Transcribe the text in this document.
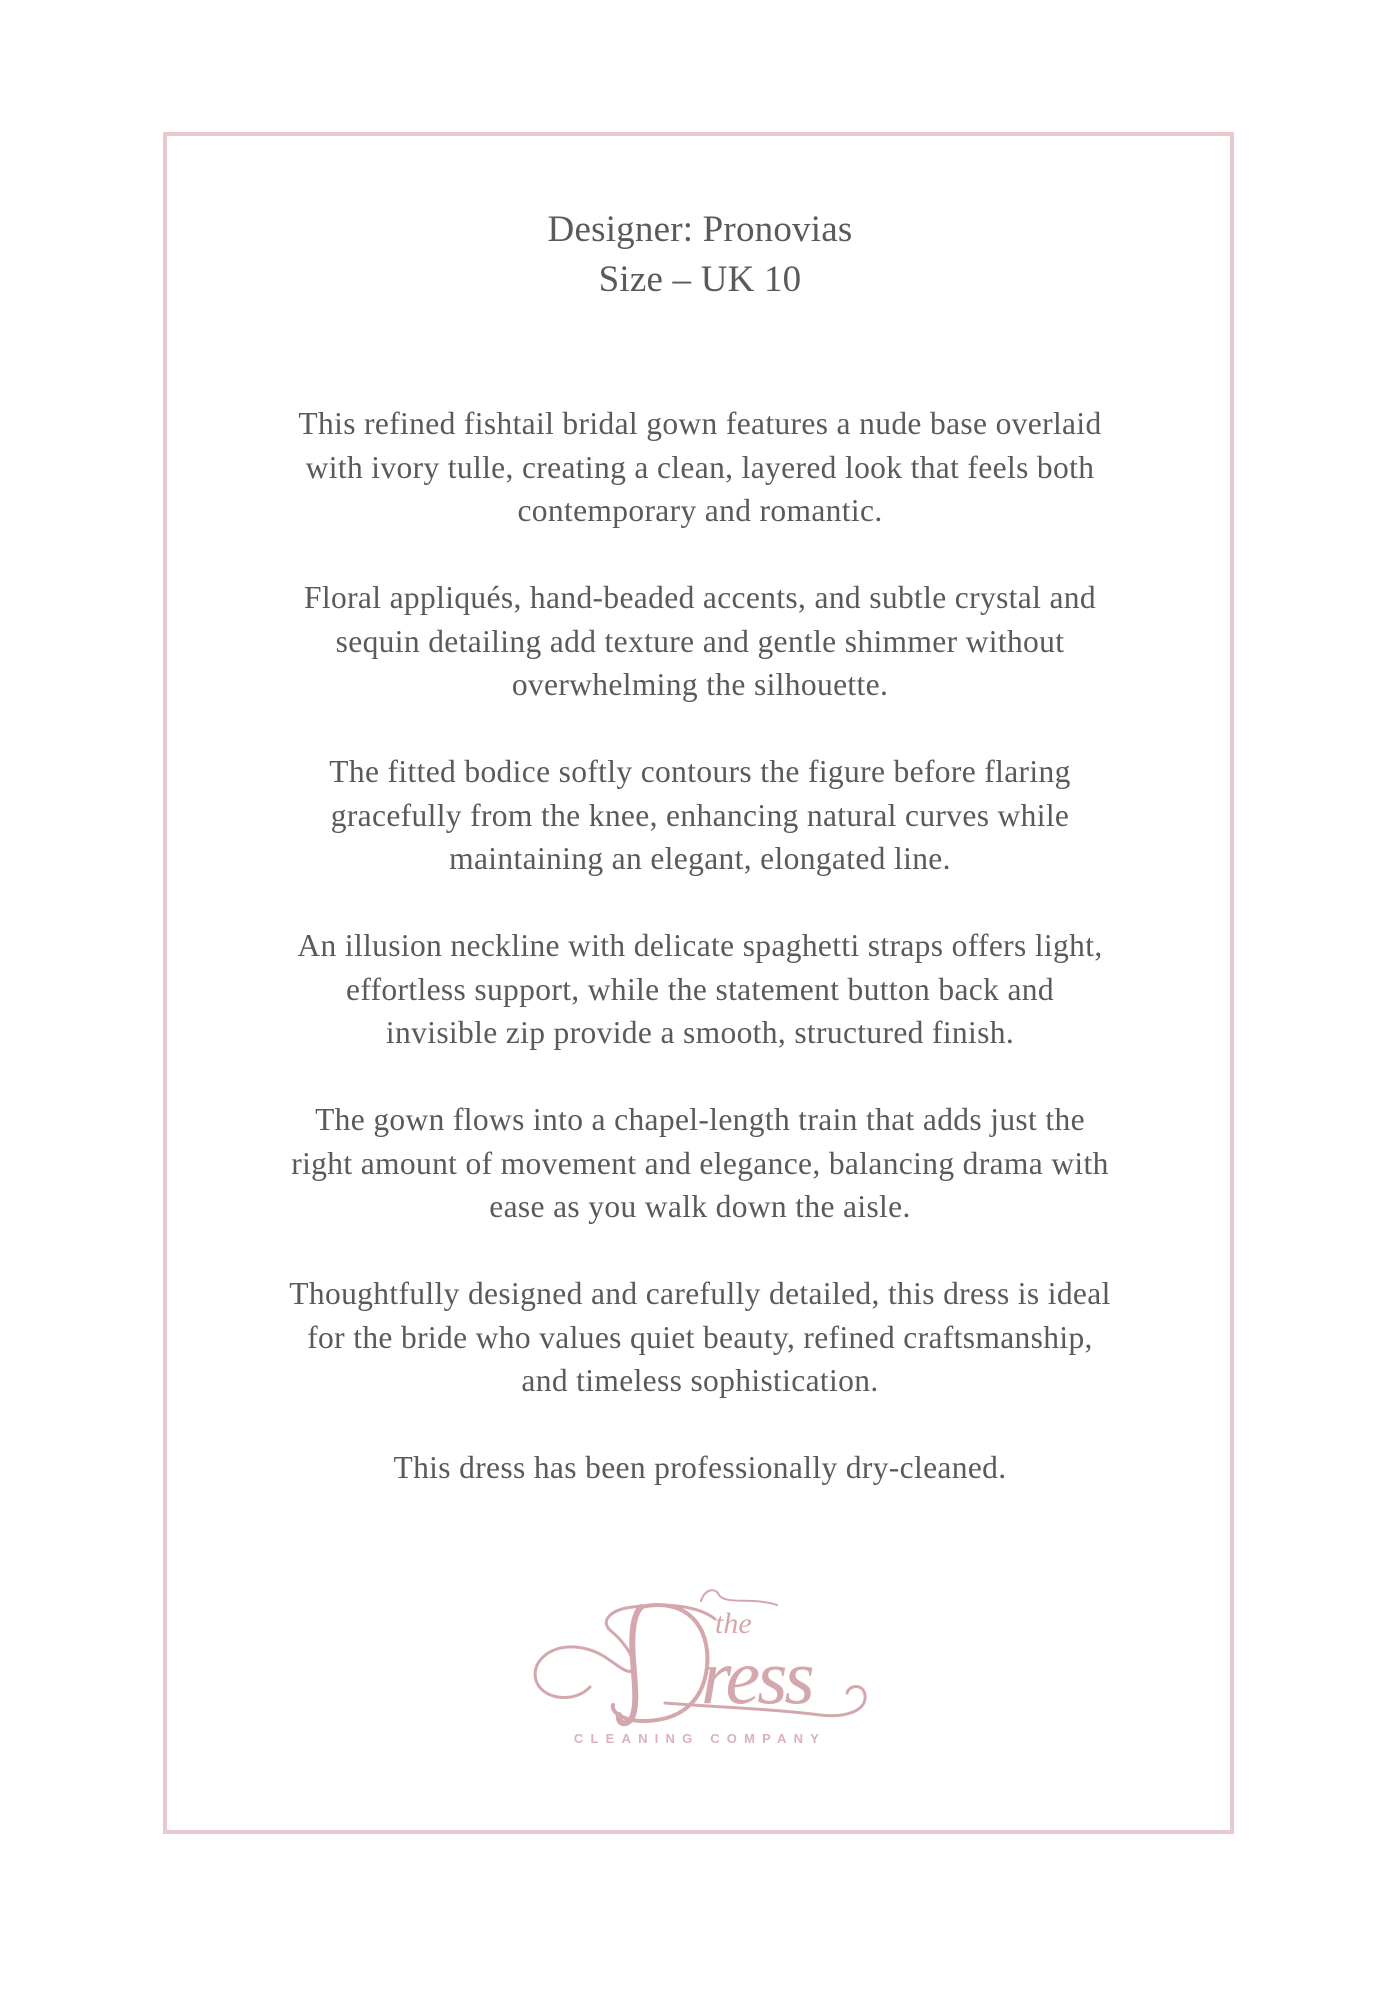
Designer: Pronovias
Size – UK 10
This refined fishtail bridal gown features a nude base overlaid
with ivory tulle, creating a clean, layered look that feels both
contemporary and romantic.
Floral appliqués, hand-beaded accents, and subtle crystal and
sequin detailing add texture and gentle shimmer without
overwhelming the silhouette.
The fitted bodice softly contours the figure before flaring
gracefully from the knee, enhancing natural curves while
maintaining an elegant, elongated line.
An illusion neckline with delicate spaghetti straps offers light,
effortless support, while the statement button back and
invisible zip provide a smooth, structured finish.
The gown flows into a chapel-length train that adds just the
right amount of movement and elegance, balancing drama with
ease as you walk down the aisle.
Thoughtfully designed and carefully detailed, this dress is ideal
for the bride who values quiet beauty, refined craftsmanship,
and timeless sophistication.
This dress has been professionally dry-cleaned.
the
ress
CLEANING COMPANY
